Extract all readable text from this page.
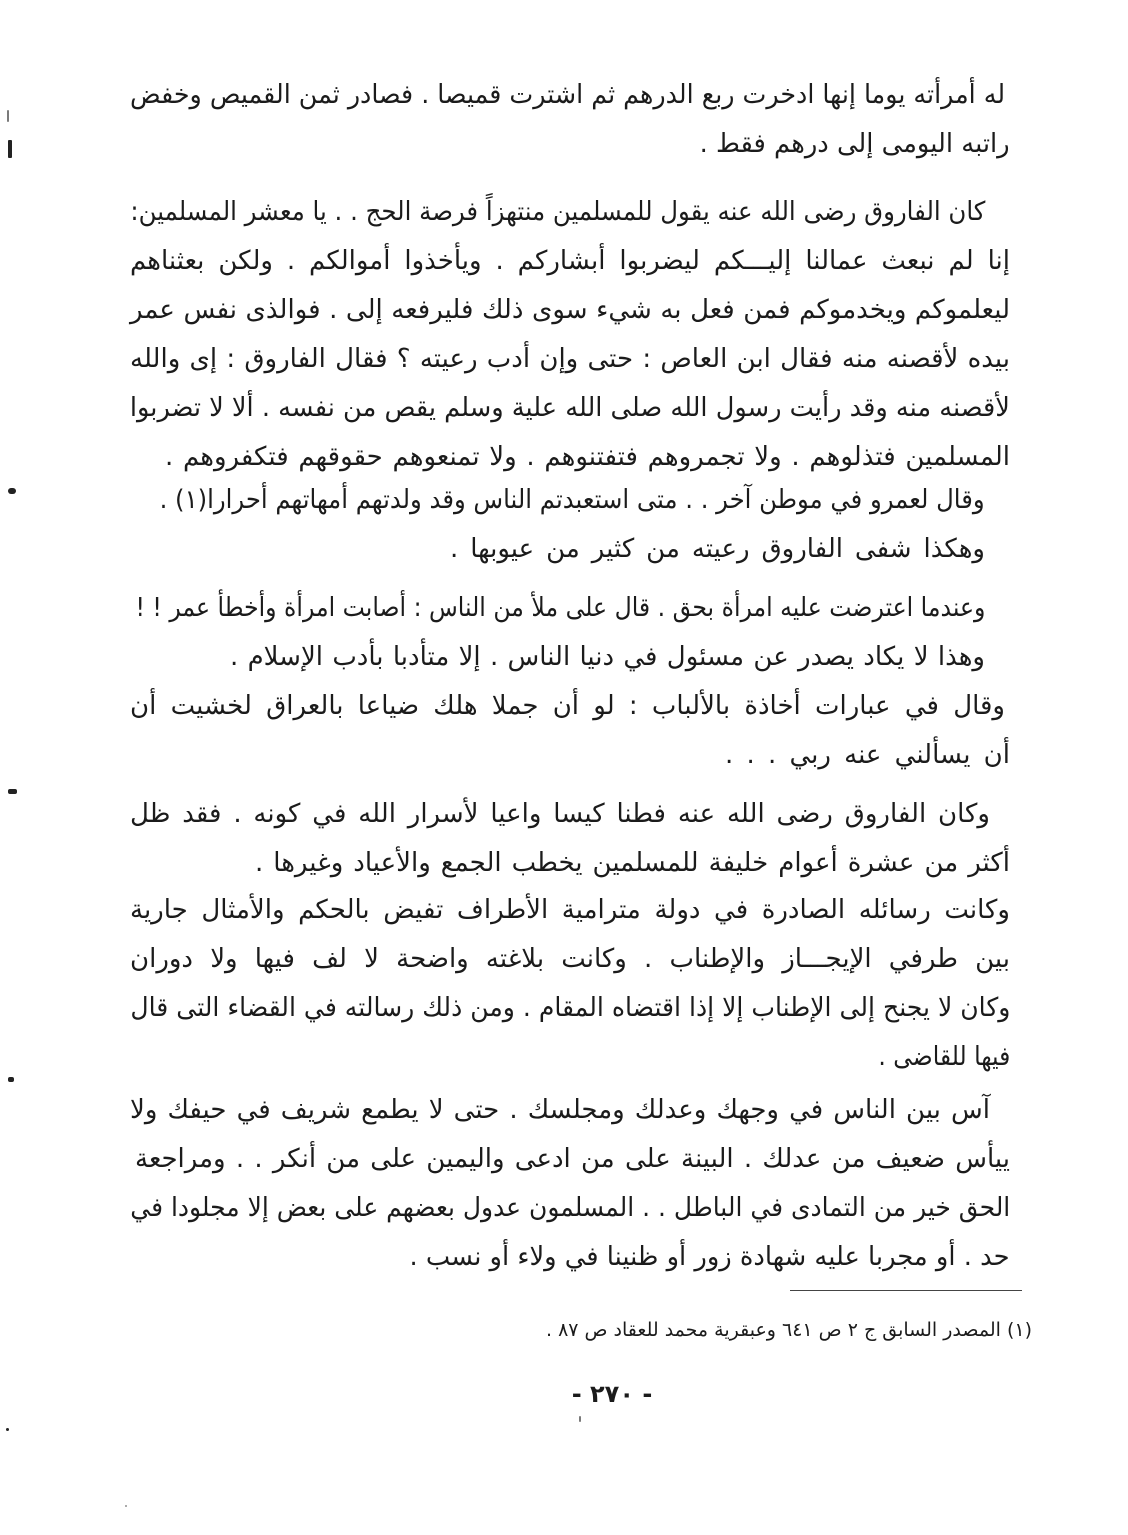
له أمرأته يوما إنها ادخرت ربع الدرهم ثم اشترت قميصا . فصادر ثمن القميص وخفض
راتبه اليومى إلى درهم فقط .
كان الفاروق رضى الله عنه يقول للمسلمين منتهزاً فرصة الحج . . يا معشر المسلمين:
إنا لم نبعث عمالنا إليـــكم ليضربوا أبشاركم . ويأخذوا أموالكم . ولكن بعثناهم
ليعلموكم ويخدموكم فمن فعل به شيء سوى ذلك فليرفعه إلى . فوالذى نفس عمر
بيده لأقصنه منه فقال ابن العاص : حتى وإن أدب رعيته ؟ فقال الفاروق : إى والله
لأقصنه منه وقد رأيت رسول الله صلى الله علية وسلم يقص من نفسه . ألا لا تضربوا
المسلمين فتذلوهم . ولا تجمروهم فتفتنوهم . ولا تمنعوهم حقوقهم فتكفروهم .
وقال لعمرو في موطن آخر . . متى استعبدتم الناس وقد ولدتهم أمهاتهم أحرارا(١) .
وهكذا شفى الفاروق رعيته من كثير من عيوبها .
وعندما اعترضت عليه امرأة بحق . قال على ملأ من الناس : أصابت امرأة وأخطأ عمر ! !
وهذا لا يكاد يصدر عن مسئول في دنيا الناس . إلا متأدبا بأدب الإسلام .
وقال في عبارات أخاذة بالألباب : لو أن جملا هلك ضياعا بالعراق لخشيت أن
أن يسألني عنه ربي . . .
وكان الفاروق رضى الله عنه فطنا كيسا واعيا لأسرار الله في كونه . فقد ظل
أكثر من عشرة أعوام خليفة للمسلمين يخطب الجمع والأعياد وغيرها .
وكانت رسائله الصادرة في دولة مترامية الأطراف تفيض بالحكم والأمثال جارية
بين طرفي الإيجـــاز والإطناب . وكانت بلاغته واضحة لا لف فيها ولا دوران
وكان لا يجنح إلى الإطناب إلا إذا اقتضاه المقام . ومن ذلك رسالته في القضاء التى قال
فيها للقاضى .
آس بين الناس في وجهك وعدلك ومجلسك . حتى لا يطمع شريف في حيفك ولا
ييأس ضعيف من عدلك . البينة على من ادعى واليمين على من أنكر . . ومراجعة
الحق خير من التمادى في الباطل . . المسلمون عدول بعضهم على بعض إلا مجلودا في
حد . أو مجربا عليه شهادة زور أو ظنينا في ولاء أو نسب .
(١) المصدر السابق ج ٢ ص ٦٤١ وعبقرية محمد للعقاد ص ٨٧ .
- ٢٧٠ -
